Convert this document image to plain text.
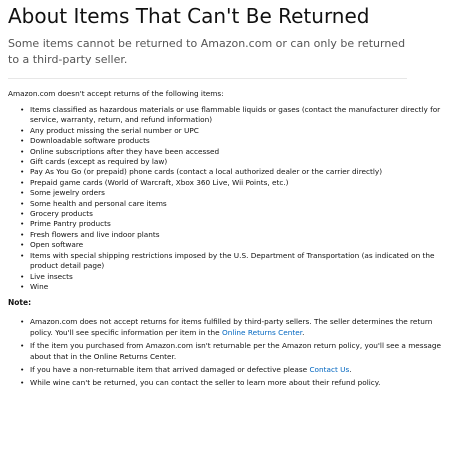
About Items That Can't Be Returned

Some items cannot be returned to Amazon.com or can only be returned to a third-party seller.

Amazon.com doesn't accept returns of the following items:

• Items classified as hazardous materials or use flammable liquids or gases (contact the manufacturer directly for service, warranty, return, and refund information)
• Any product missing the serial number or UPC
• Downloadable software products
• Online subscriptions after they have been accessed
• Gift cards (except as required by law)
• Pay As You Go (or prepaid) phone cards (contact a local authorized dealer or the carrier directly)
• Prepaid game cards (World of Warcraft, Xbox 360 Live, Wii Points, etc.)
• Some jewelry orders
• Some health and personal care items
• Grocery products
• Prime Pantry products
• Fresh flowers and live indoor plants
• Open software
• Items with special shipping restrictions imposed by the U.S. Department of Transportation (as indicated on the product detail page)
• Live insects
• Wine
Note:
• Amazon.com does not accept returns for items fulfilled by third-party sellers. The seller determines the return policy. You'll see specific information per item in the Online Returns Center.
• If the item you purchased from Amazon.com isn't returnable per the Amazon return policy, you'll see a message about that in the Online Returns Center.
• If you have a non-returnable item that arrived damaged or defective please Contact Us.
• While wine can't be returned, you can contact the seller to learn more about their refund policy.
